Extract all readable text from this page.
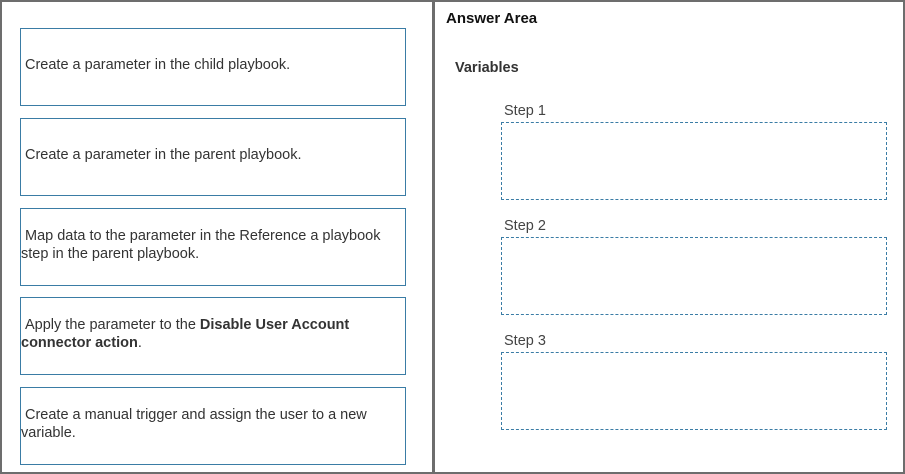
Create a parameter in the child playbook.
Create a parameter in the parent playbook.
Map data to the parameter in the Reference a playbook step in the parent playbook.
Apply the parameter to the Disable User Account connector action.
Create a manual trigger and assign the user to a new variable.
Answer Area
Variables
Step 1
Step 2
Step 3
